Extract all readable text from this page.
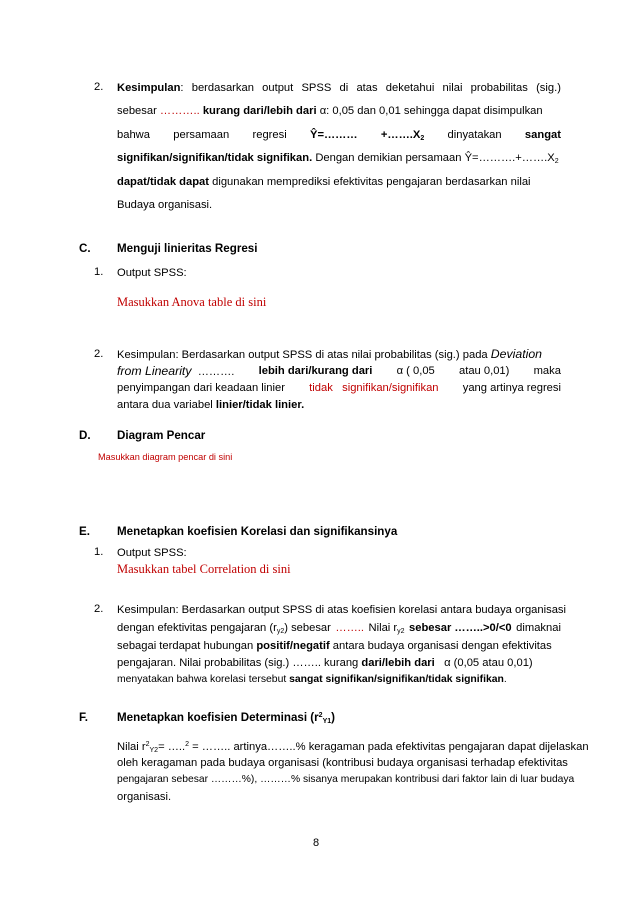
2. Kesimpulan: berdasarkan output SPSS di atas deketahui nilai probabilitas (sig.)
sebesar ……….. kurang dari/lebih dari α: 0,05 dan 0,01 sehingga dapat disimpulkan
bahwa persamaan regresi Ŷ=……… $+\dots\dots.X_2$ dinyatakan sangat
signifikan/signifikan/tidak signifikan. Dengan demikian persamaan $Ŷ=\dots\dots\dots.+\dots\dots.X_2$
dapat/tidak dapat digunakan memprediksi efektivitas pengajaran berdasarkan nilai
Budaya organisasi.
C. Menguji linieritas Regresi
1. Output SPSS:
Masukkan Anova table di sini
2. Kesimpulan: Berdasarkan output SPSS di atas nilai probabilitas (sig.) pada Deviation
from Linearity ………. lebih dari/kurang dari α ( 0,05 atau 0,01) maka
penyimpangan dari keadaan linier tidak signifikan/signifikan yang artinya regresi
antara dua variabel linier/tidak linier.
D. Diagram Pencar
Masukkan diagram pencar di sini
E. Menetapkan koefisien Korelasi dan signifikansinya
1. Output SPSS:
Masukkan tabel Correlation di sini
2. Kesimpulan: Berdasarkan output SPSS di atas koefisien korelasi antara budaya organisasi
dengan efektivitas pengajaran $(r_{y2})$ sebesar …….. Nilai $r_{y2}$ sebesar ……..>0/<0 dimaknai
sebagai terdapat hubungan positif/negatif antara budaya organisasi dengan efektivitas
pengajaran. Nilai probabilitas (sig.) …….. kurang dari/lebih dari α (0,05 atau 0,01)
menyatakan bahwa korelasi tersebut sangat signifikan/signifikan/tidak signifikan.
F. Menetapkan koefisien Determinasi $(r^2_{Y1})$
Nilai $r^2_{Y2}=$ …..$^2$ = …….. artinya……..% keragaman pada efektivitas pengajaran dapat dijelaskan
oleh keragaman pada budaya organisasi (kontribusi budaya organisasi terhadap efektivitas
pengajaran sebesar ………%), ………% sisanya merupakan kontribusi dari faktor lain di luar budaya
organisasi.
8
